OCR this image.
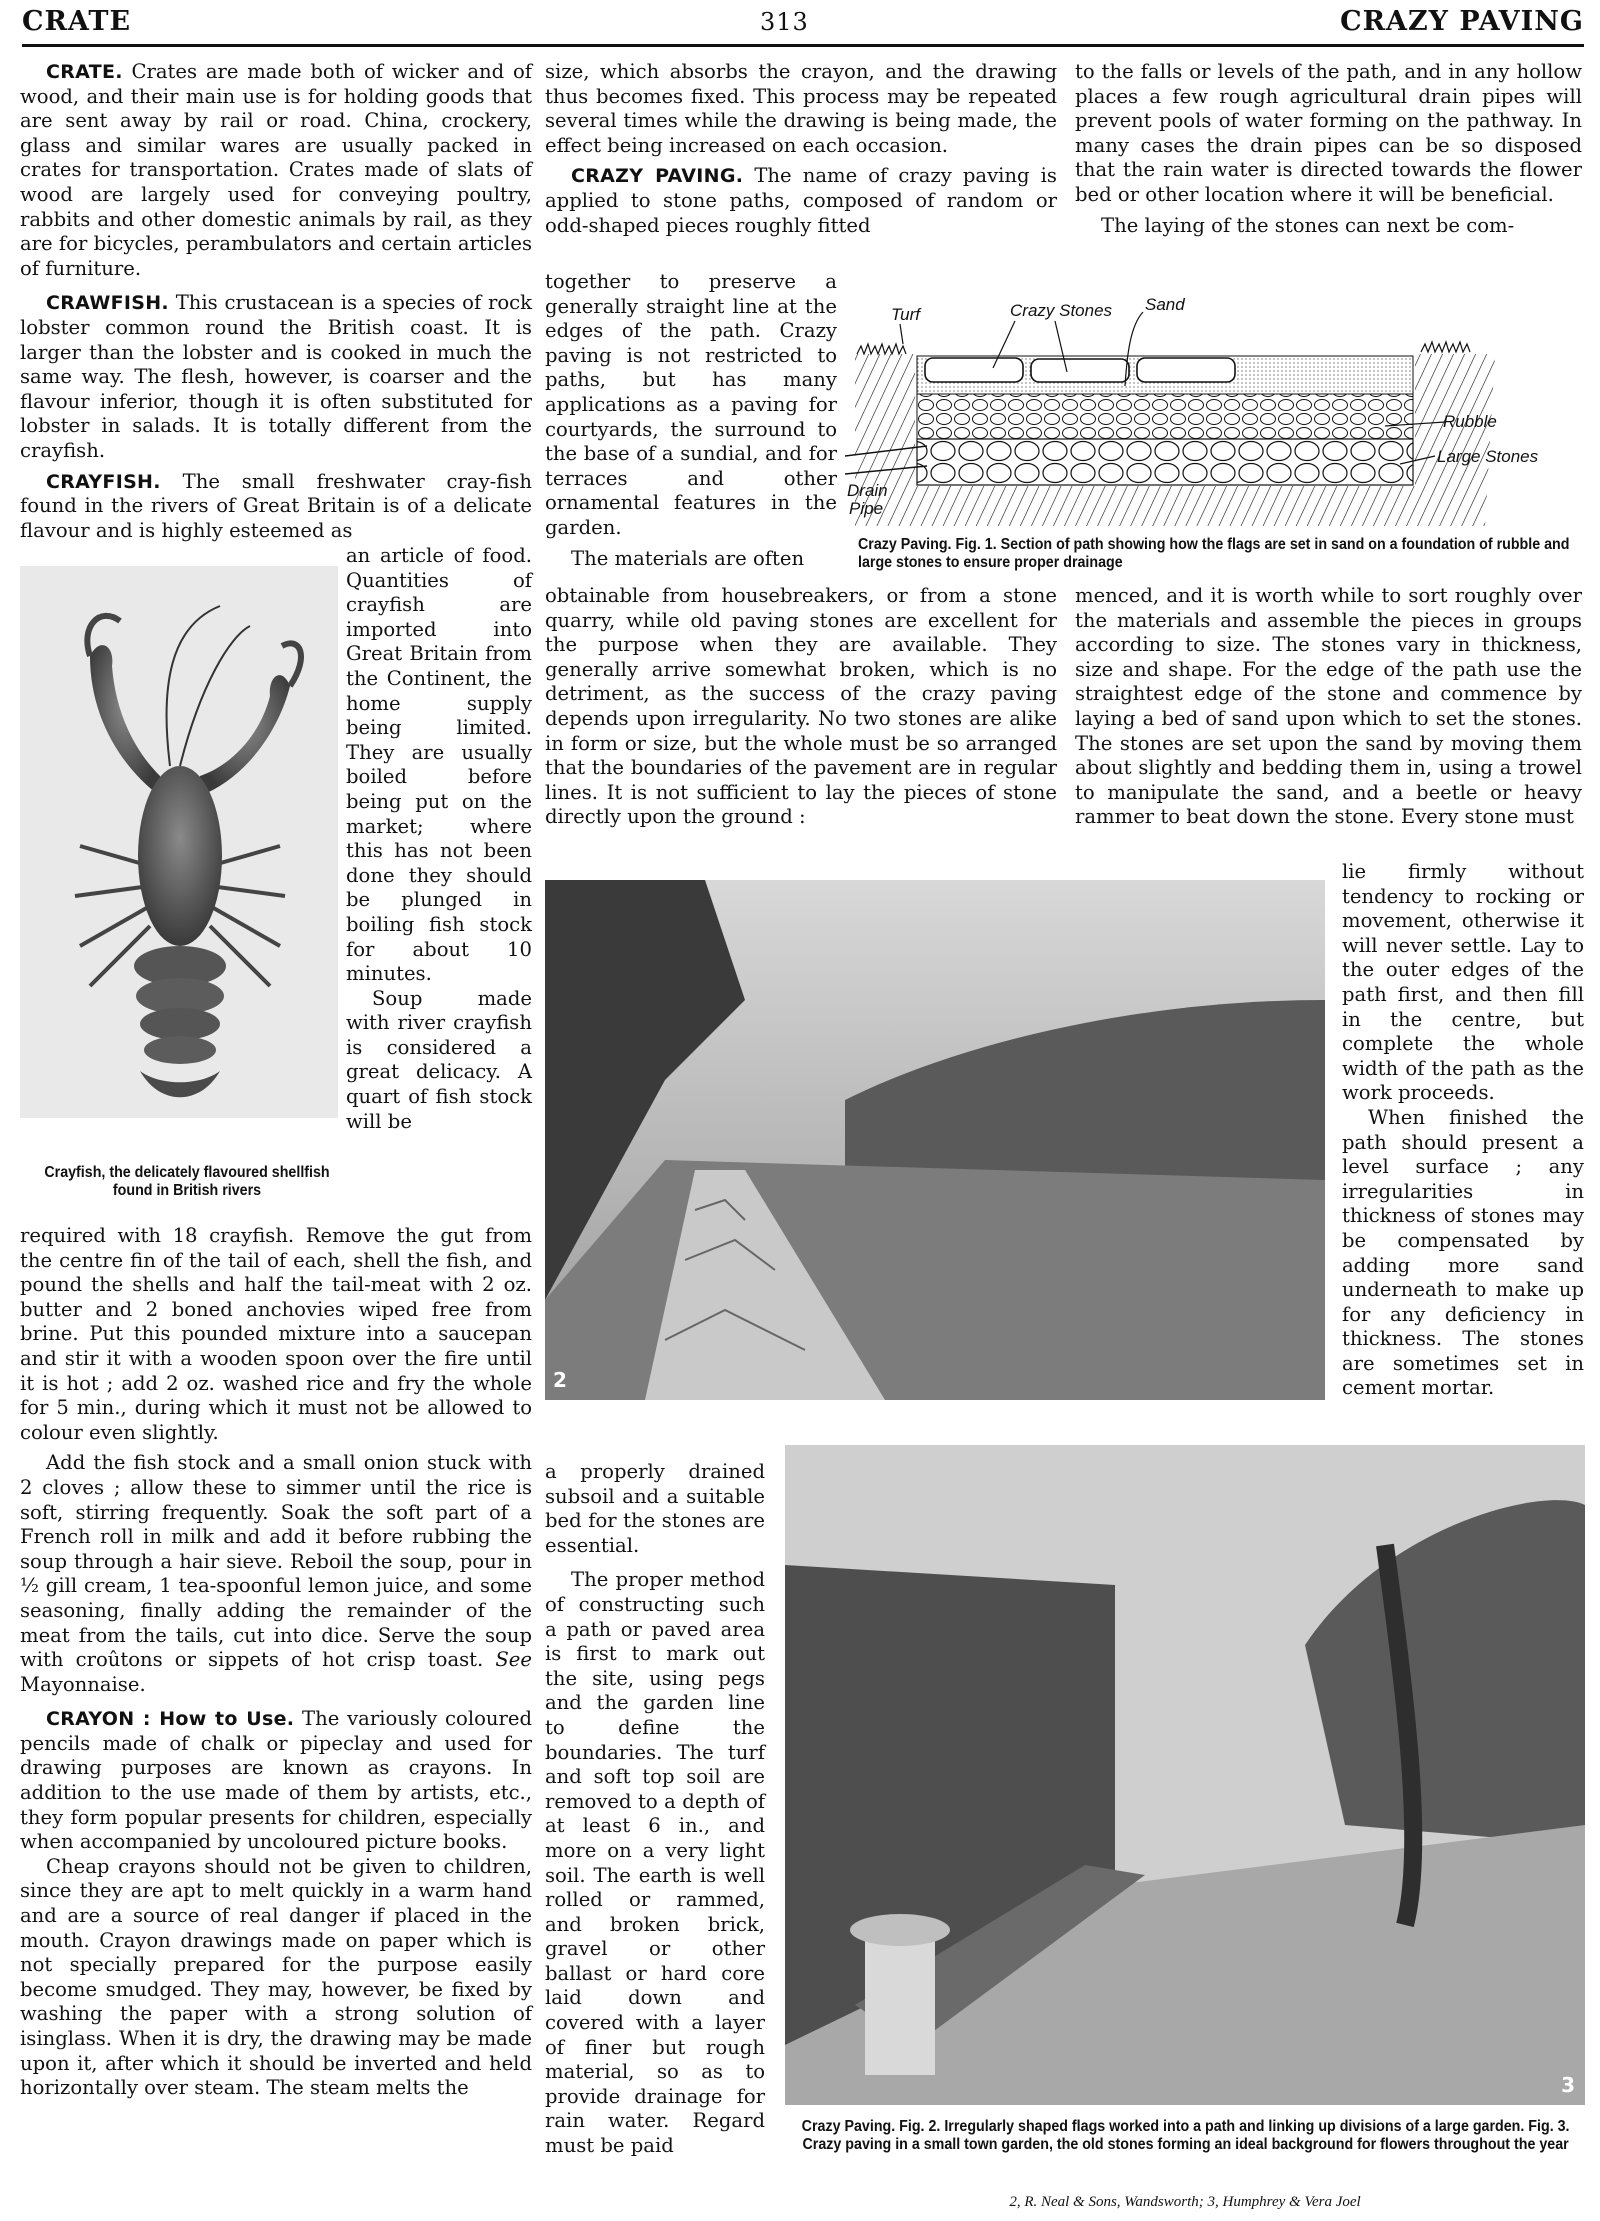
CRATE	313	CRAZY PAVING

CRATE. Crates are made both of wicker and of wood, and their main use is for holding goods that are sent away by rail or road. China, crockery, glass and similar wares are usually packed in crates for transportation. Crates made of slats of wood are largely used for conveying poultry, rabbits and other domestic animals by rail, as they are for bicycles, perambulators and certain articles of furniture.

CRAWFISH. This crustacean is a species of rock lobster common round the British coast. It is larger than the lobster and is cooked in much the same way. The flesh, however, is coarser and the flavour inferior, though it is often substituted for lobster in salads. It is totally different from the crayfish.

CRAYFISH. The small freshwater cray-fish found in the rivers of Great Britain is of a delicate flavour and is highly esteemed as

Crayfish, the delicately flavoured shellfish found in British rivers

an article of food. Quantities of crayfish are imported into Great Britain from the Continent, the home supply being limited. They are usually boiled before being put on the market; where this has not been done they should be plunged in boiling fish stock for about 10 minutes.

Soup made with river crayfish is considered a great delicacy. A quart of fish stock will be

required with 18 crayfish. Remove the gut from the centre fin of the tail of each, shell the fish, and pound the shells and half the tail-meat with 2 oz. butter and 2 boned anchovies wiped free from brine. Put this pounded mixture into a saucepan and stir it with a wooden spoon over the fire until it is hot ; add 2 oz. washed rice and fry the whole for 5 min., during which it must not be allowed to colour even slightly.

Add the fish stock and a small onion stuck with 2 cloves ; allow these to simmer until the rice is soft, stirring frequently. Soak the soft part of a French roll in milk and add it before rubbing the soup through a hair sieve. Reboil the soup, pour in ½ gill cream, 1 tea-spoonful lemon juice, and some seasoning, finally adding the remainder of the meat from the tails, cut into dice. Serve the soup with croûtons or sippets of hot crisp toast. See Mayonnaise.

CRAYON : How to Use. The variously coloured pencils made of chalk or pipeclay and used for drawing purposes are known as crayons. In addition to the use made of them by artists, etc., they form popular presents for children, especially when accompanied by uncoloured picture books.

Cheap crayons should not be given to children, since they are apt to melt quickly in a warm hand and are a source of real danger if placed in the mouth. Crayon drawings made on paper which is not specially prepared for the purpose easily become smudged. They may, however, be fixed by washing the paper with a strong solution of isinglass. When it is dry, the drawing may be made upon it, after which it should be inverted and held horizontally over steam. The steam melts the

size, which absorbs the crayon, and the drawing thus becomes fixed. This process may be repeated several times while the drawing is being made, the effect being increased on each occasion.

CRAZY PAVING. The name of crazy paving is applied to stone paths, composed of random or odd-shaped pieces roughly fitted

together to preserve a generally straight line at the edges of the path. Crazy paving is not restricted to paths, but has many applications as a paving for courtyards, the surround to the base of a sundial, and for terraces and other ornamental features in the garden.

The materials are often

Turf	Crazy Stones Sand
Rubble
Large Stones
Drain
Pipe
Crazy Paving. Fig. 1. Section of path showing how the flags are set in sand on a foundation of rubble and large stones to ensure proper drainage

obtainable from housebreakers, or from a stone quarry, while old paving stones are excellent for the purpose when they are available. They generally arrive somewhat broken, which is no detriment, as the success of the crazy paving depends upon irregularity. No two stones are alike in form or size, but the whole must be so arranged that the boundaries of the pavement are in regular lines. It is not sufficient to lay the pieces of stone directly upon the ground :

to the falls or levels of the path, and in any hollow places a few rough agricultural drain pipes will prevent pools of water forming on the pathway. In many cases the drain pipes can be so disposed that the rain water is directed towards the flower bed or other location where it will be beneficial.

The laying of the stones can next be com-

menced, and it is worth while to sort roughly over the materials and assemble the pieces in groups according to size. The stones vary in thickness, size and shape. For the edge of the path use the straightest edge of the stone and commence by laying a bed of sand upon which to set the stones. The stones are set upon the sand by moving them about slightly and bedding them in, using a trowel to manipulate the sand, and a beetle or heavy rammer to beat down the stone. Every stone must

2

lie firmly without tendency to rocking or movement, otherwise it will never settle. Lay to the outer edges of the path first, and then fill in the centre, but complete the whole width of the path as the work proceeds.

When finished the path should present a level surface ; any irregularities in thickness of stones may be compensated by adding more sand underneath to make up for any deficiency in thickness. The stones are sometimes set in cement mortar.

a properly drained subsoil and a suitable bed for the stones are essential.

The proper method of constructing such a path or paved area is first to mark out the site, using pegs and the garden line to define the boundaries. The turf and soft top soil are removed to a depth of at least 6 in., and more on a very light soil. The earth is well rolled or rammed, and broken brick, gravel or other ballast or hard core laid down and covered with a layer of finer but rough material, so as to provide drainage for rain water. Regard must be paid

3
Crazy Paving. Fig. 2. Irregularly shaped flags worked into a path and linking up divisions of a large garden. Fig. 3. Crazy paving in a small town garden, the old stones forming an ideal background for flowers throughout the year
2, R. Neal & Sons, Wandsworth; 3, Humphrey & Vera Joel
